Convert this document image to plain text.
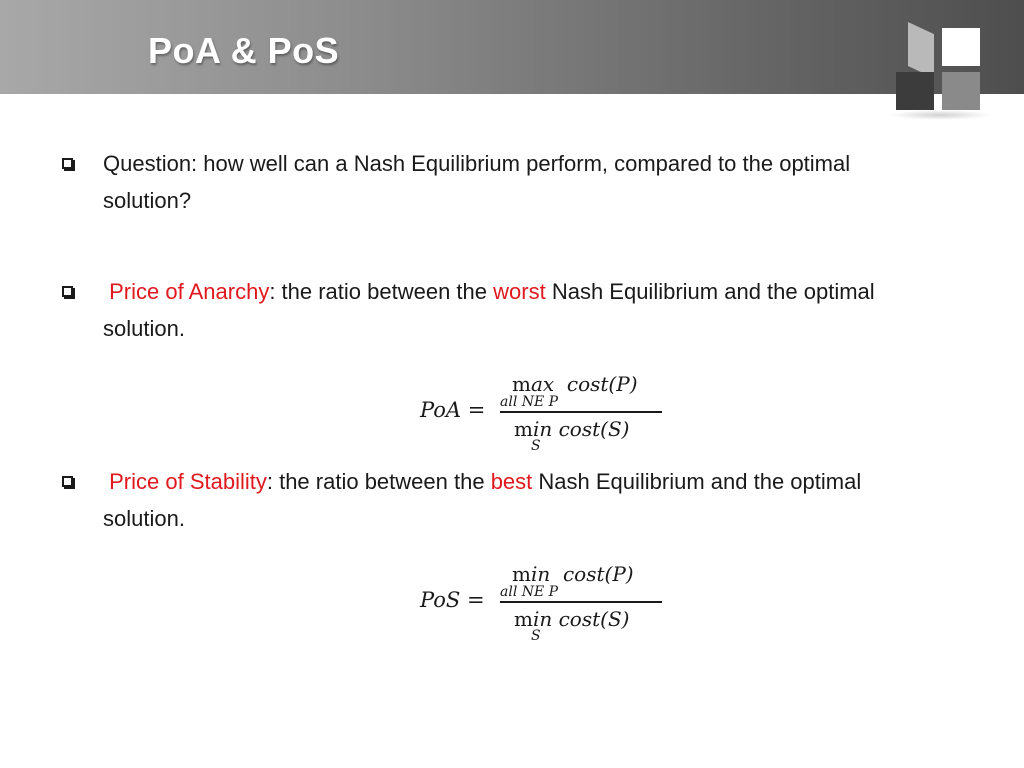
PoA & PoS
Question: how well can a Nash Equilibrium perform, compared to the optimal
solution?
Price of Anarchy: the ratio between the worst Nash Equilibrium and the optimal
solution.
PoA =
max cost(P)
all NE P
min cost(S)
S
Price of Stability: the ratio between the best Nash Equilibrium and the optimal
solution.
PoS =
min cost(P)
all NE P
min cost(S)
S
